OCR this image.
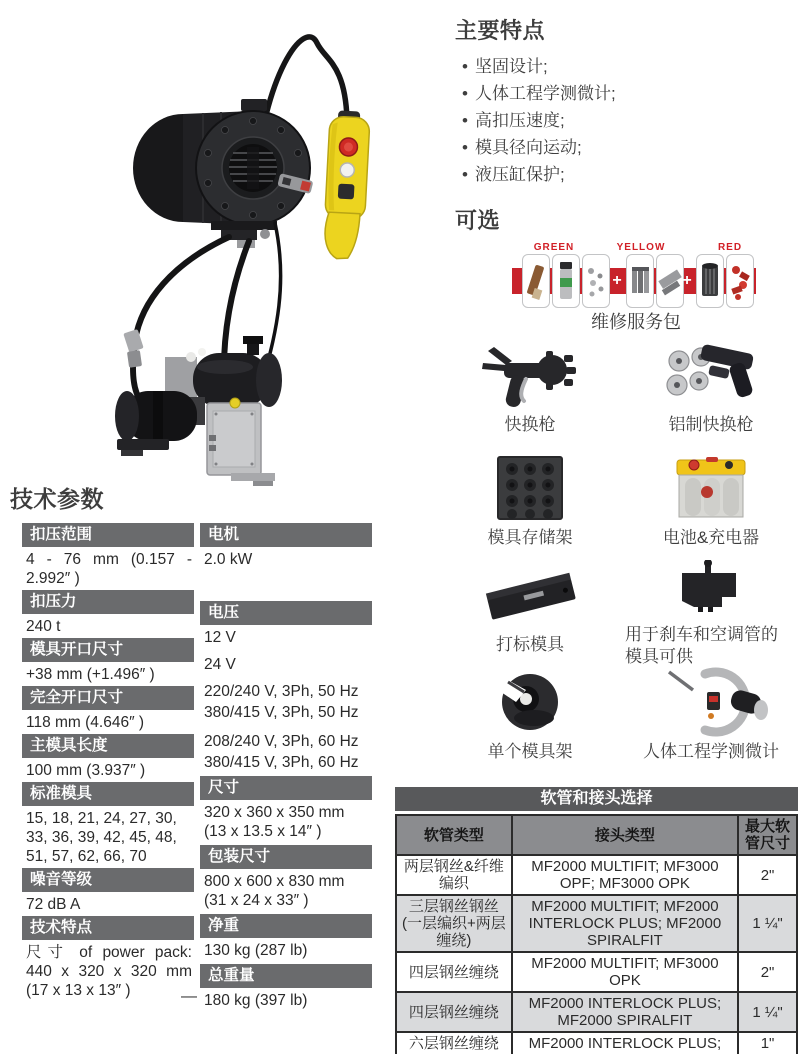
主要特点
• 坚固设计;
• 人体工程学测微计;
• 高扣压速度;
• 模具径向运动;
• 液压缸保护;
可选
GREEN	YELLOW	RED
+	+
维修服务包
快换枪	铝制快换枪
模具存储架	电池&充电器
打标模具
用于刹车和空调管的模具可供
单个模具架	人体工程学测微计
技术参数
扣压范围
4 - 76 mm (0.157 - 2.992″ )
扣压力
240 t
模具开口尺寸
+38 mm (+1.496″ )
完全开口尺寸
118 mm (4.646″ )
主模具长度
100 mm (3.937″ )
标准模具
15, 18, 21, 24, 27, 30, 33, 36, 39, 42, 45, 48, 51, 57, 62, 66, 70
噪音等级
72 dB A
技术特点
尺寸 of power pack: 440 x 320 x 320 mm (17 x 13 x 13″ )
电机
2.0 kW
电压
12 V
24 V
220/240 V, 3Ph, 50 Hz
380/415 V, 3Ph, 50 Hz
208/240 V, 3Ph, 60 Hz
380/415 V, 3Ph, 60 Hz
尺寸
320 x 360 x 350 mm
(13 x 13.5 x 14″ )
包装尺寸
800 x 600 x 830 mm
(31 x 24 x 33″ )
净重
130 kg (287 lb)
总重量
180 kg (397 lb)
软管和接头选择
软管类型	接头类型	最大软管尺寸
两层钢丝&纤维编织	MF2000 MULTIFIT; MF3000 OPF; MF3000 OPK	2"
三层钢丝钢丝 (一层编织+两层缠绕)	MF2000 MULTIFIT; MF2000 INTERLOCK PLUS; MF2000 SPIRALFIT	1 ¼"
四层钢丝缠绕	MF2000 MULTIFIT; MF3000 OPK	2"
四层钢丝缠绕	MF2000 INTERLOCK PLUS; MF2000 SPIRALFIT	1 ¼"
六层钢丝缠绕	MF2000 INTERLOCK PLUS;	1"
—
